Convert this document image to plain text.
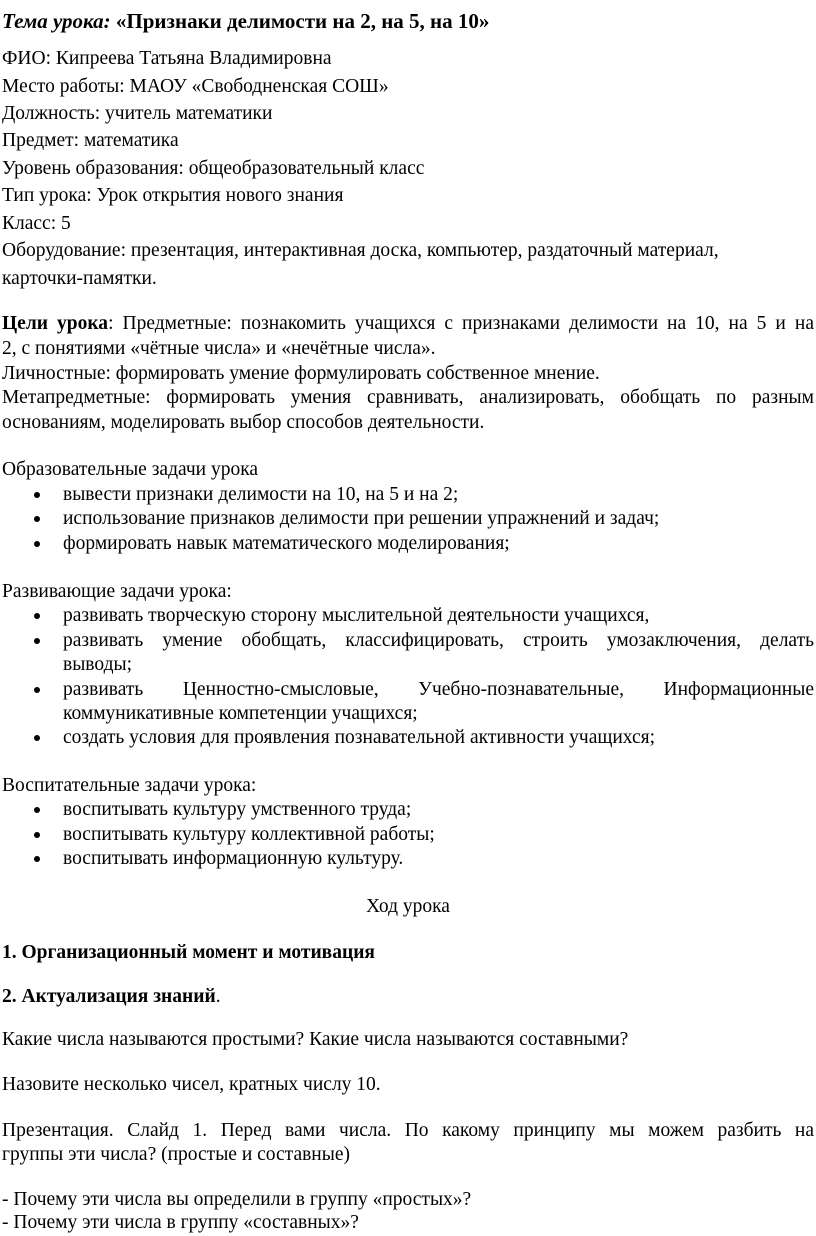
Тема урока: «Признаки делимости на 2, на 5, на 10»
ФИО: Кипреева Татьяна Владимировна
Место работы: МАОУ «Свободненская СОШ»
Должность: учитель математики
Предмет: математика
Уровень образования: общеобразовательный класс
Тип урока: Урок открытия нового знания
Класс: 5
Оборудование: презентация, интерактивная доска, компьютер, раздаточный материал,
карточки-памятки.
Цели урока: Предметные: познакомить учащихся с признаками делимости на 10, на 5 и на
2, с понятиями «чётные числа» и «нечётные числа».
Личностные: формировать умение формулировать собственное мнение.
Метапредметные: формировать умения сравнивать, анализировать, обобщать по разным
основаниям, моделировать выбор способов деятельности.
Образовательные задачи урока
вывести признаки делимости на 10, на 5 и на 2;
использование признаков делимости при решении упражнений и задач;
формировать навык математического моделирования;
Развивающие задачи урока:
развивать творческую сторону мыслительной деятельности учащихся,
развивать умение обобщать, классифицировать, строить умозаключения, делать
выводы;
развивать Ценностно-смысловые, Учебно-познавательные, Информационные
коммуникативные компетенции учащихся;
создать условия для проявления познавательной активности учащихся;
Воспитательные задачи урока:
воспитывать культуру умственного труда;
воспитывать культуру коллективной работы;
воспитывать информационную культуру.
Ход урока
1. Организационный момент и мотивация
2. Актуализация знаний.
Какие числа называются простыми? Какие числа называются составными?
Назовите несколько чисел, кратных числу 10.
Презентация. Слайд 1. Перед вами числа. По какому принципу мы можем разбить на
группы эти числа? (простые и составные)
- Почему эти числа вы определили в группу «простых»?
- Почему эти числа в группу «составных»?
